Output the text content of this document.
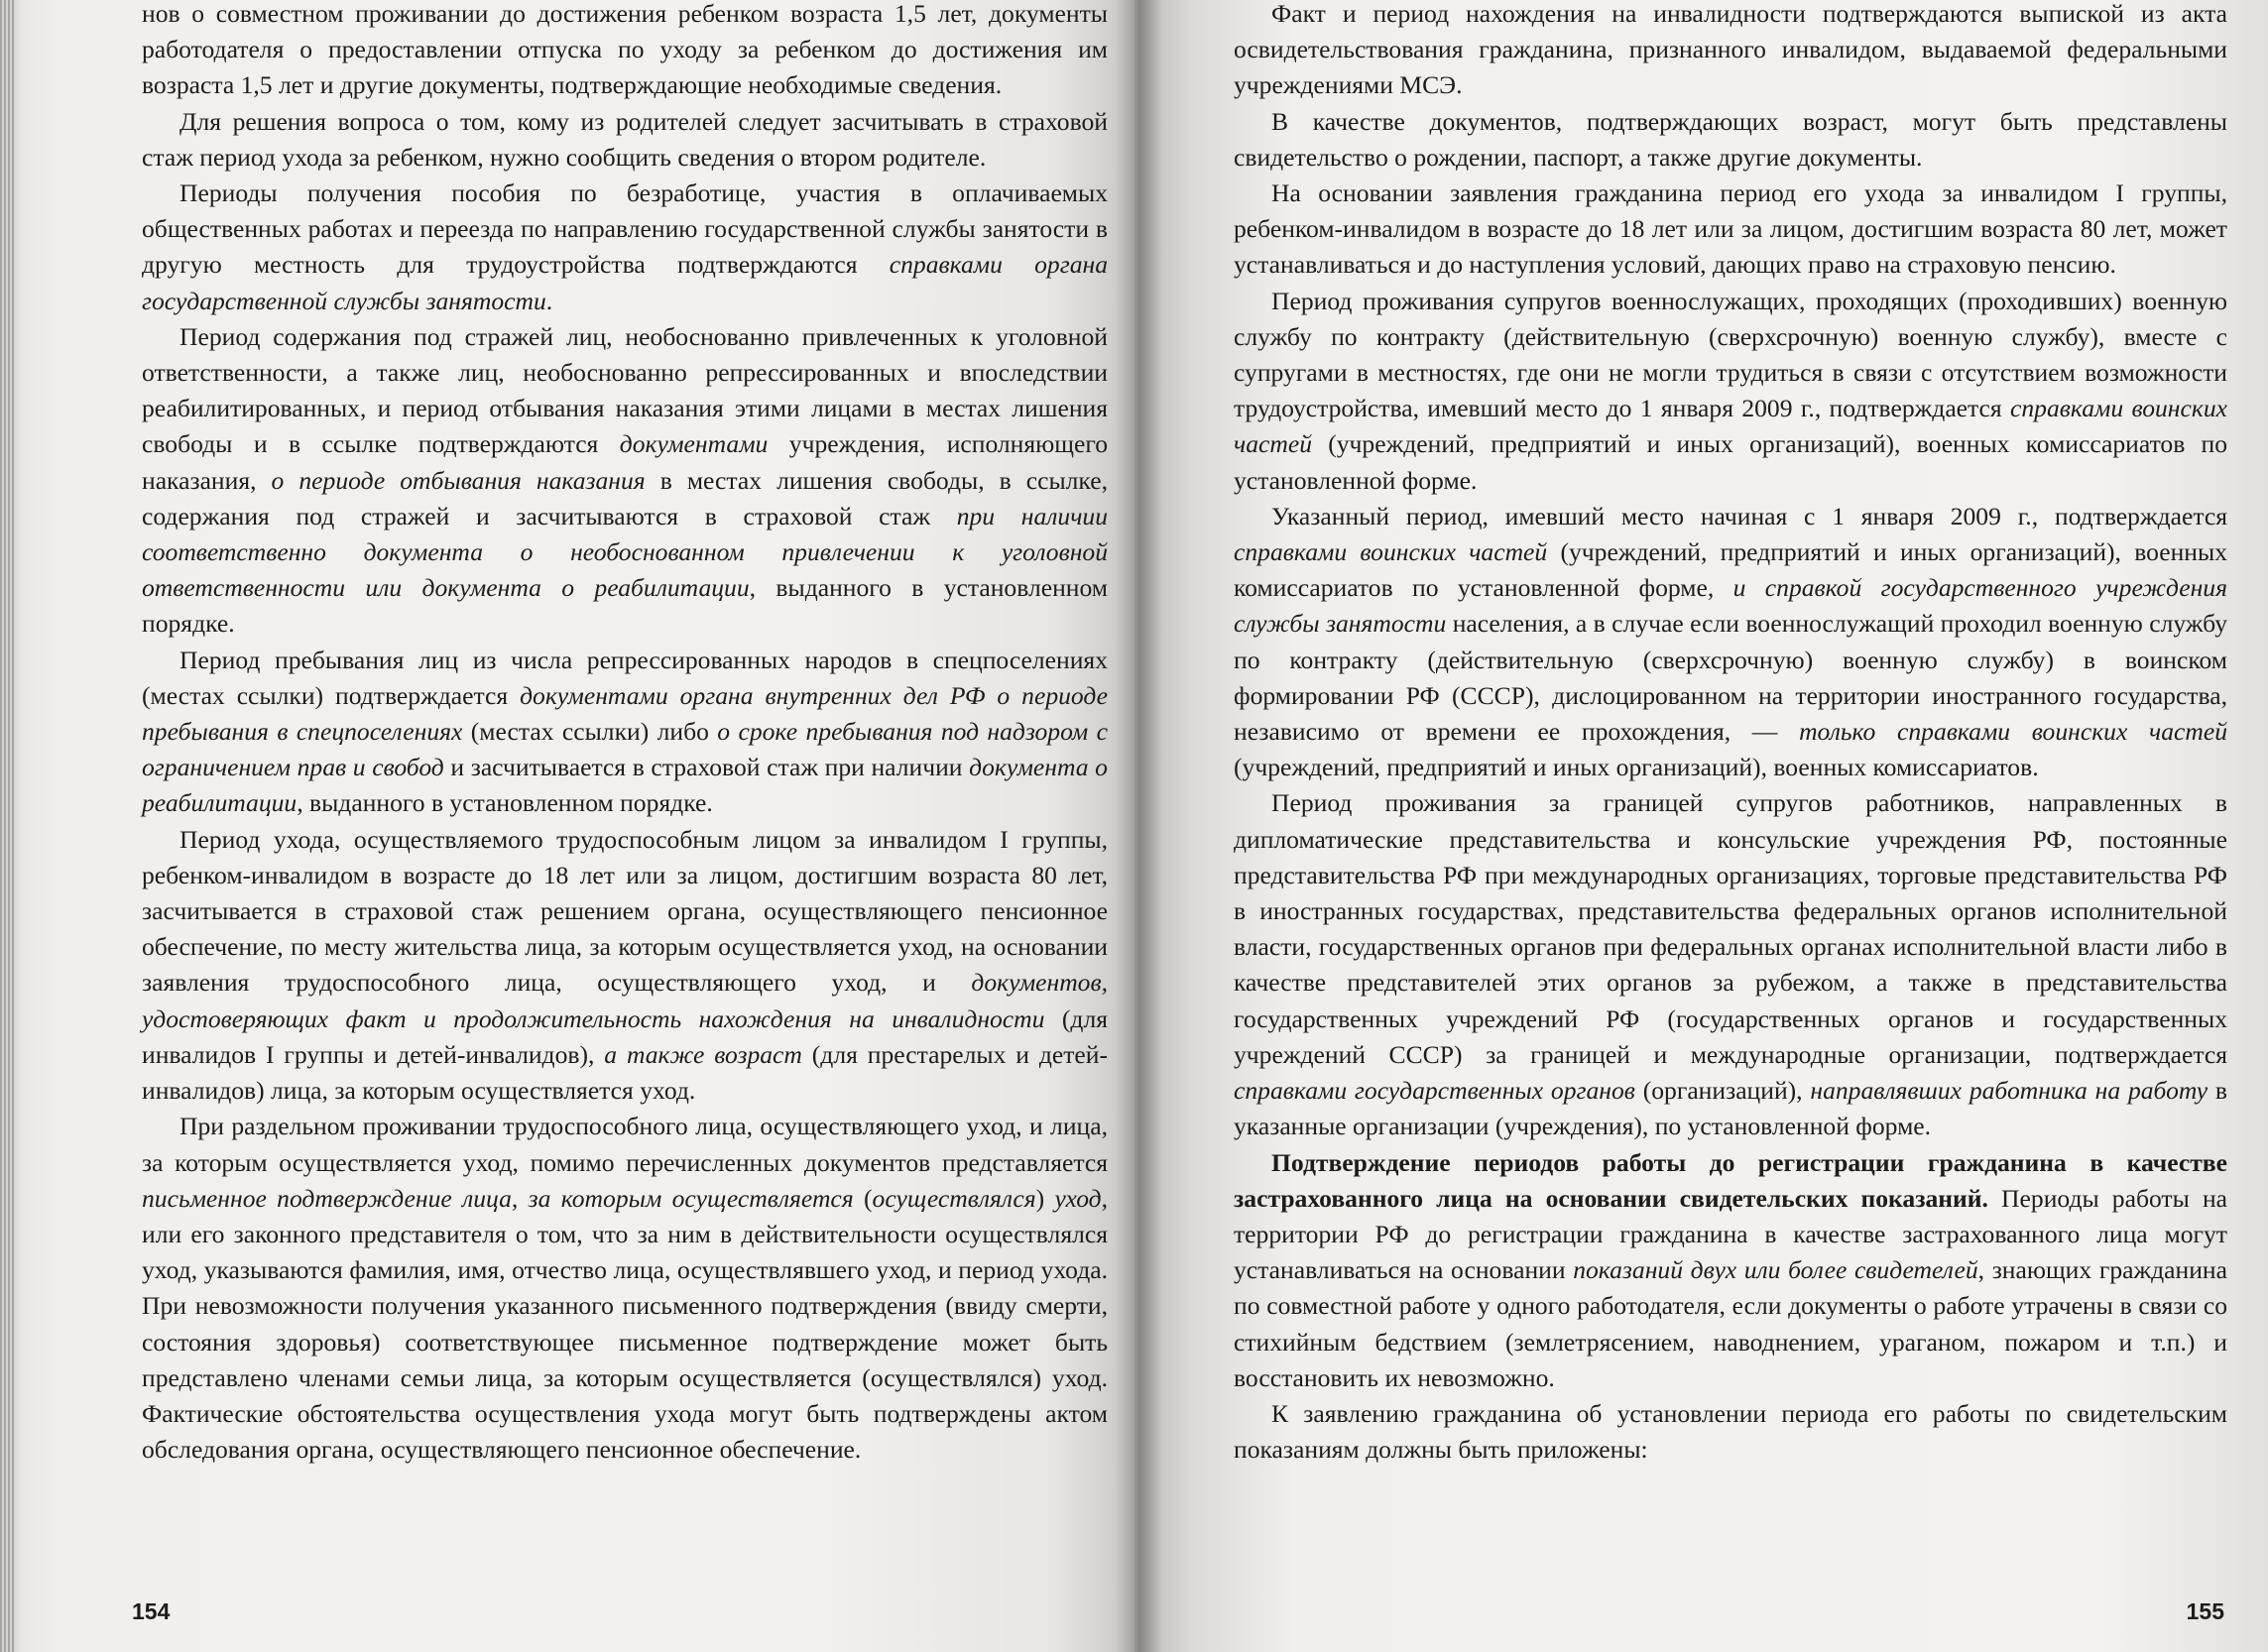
нов о совместном проживании до достижения ребенком возраста 1,5 лет, документы работодателя о предоставлении отпуска по уходу за ребенком до достижения им возраста 1,5 лет и другие документы, подтверждающие необходимые сведения.

Для решения вопроса о том, кому из родителей следует засчитывать в страховой стаж период ухода за ребенком, нужно сообщить сведения о втором родителе.

Периоды получения пособия по безработице, участия в оплачиваемых общественных работах и переезда по направлению государственной службы занятости в другую местность для трудоустройства подтверждаются справками органа государственной службы занятости.

Период содержания под стражей лиц, необоснованно привлеченных к уголовной ответственности, а также лиц, необоснованно репрессированных и впоследствии реабилитированных, и период отбывания наказания этими лицами в местах лишения свободы и в ссылке подтверждаются документами учреждения, исполняющего наказания, о периоде отбывания наказания в местах лишения свободы, в ссылке, содержания под стражей и засчитываются в страховой стаж при наличии соответственно документа о необоснованном привлечении к уголовной ответственности или документа о реабилитации, выданного в установленном порядке.

Период пребывания лиц из числа репрессированных народов в спецпоселениях (местах ссылки) подтверждается документами органа внутренних дел РФ о периоде пребывания в спецпоселениях (местах ссылки) либо о сроке пребывания под надзором с ограничением прав и свобод и засчитывается в страховой стаж при наличии документа о реабилитации, выданного в установленном порядке.

Период ухода, осуществляемого трудоспособным лицом за инвалидом I группы, ребенком-инвалидом в возрасте до 18 лет или за лицом, достигшим возраста 80 лет, засчитывается в страховой стаж решением органа, осуществляющего пенсионное обеспечение, по месту жительства лица, за которым осуществляется уход, на основании заявления трудоспособного лица, осуществляющего уход, и документов, удостоверяющих факт и продолжительность нахождения на инвалидности (для инвалидов I группы и детей-инвалидов), а также возраст (для престарелых и детей-инвалидов) лица, за которым осуществляется уход.

При раздельном проживании трудоспособного лица, осуществляющего уход, и лица, за которым осуществляется уход, помимо перечисленных документов представляется письменное подтверждение лица, за которым осуществляется (осуществлялся) уход, или его законного представителя о том, что за ним в действительности осуществлялся уход, указываются фамилия, имя, отчество лица, осуществлявшего уход, и период ухода. При невозможности получения указанного письменного подтверждения (ввиду смерти, состояния здоровья) соответствующее письменное подтверждение может быть представлено членами семьи лица, за которым осуществляется (осуществлялся) уход. Фактические обстоятельства осуществления ухода могут быть подтверждены актом обследования органа, осуществляющего пенсионное обеспечение.

154

Факт и период нахождения на инвалидности подтверждаются выпиской из акта освидетельствования гражданина, признанного инвалидом, выдаваемой федеральными учреждениями МСЭ.

В качестве документов, подтверждающих возраст, могут быть представлены свидетельство о рождении, паспорт, а также другие документы.

На основании заявления гражданина период его ухода за инвалидом I группы, ребенком-инвалидом в возрасте до 18 лет или за лицом, достигшим возраста 80 лет, может устанавливаться и до наступления условий, дающих право на страховую пенсию.

Период проживания супругов военнослужащих, проходящих (проходивших) военную службу по контракту (действительную (сверхсрочную) военную службу), вместе с супругами в местностях, где они не могли трудиться в связи с отсутствием возможности трудоустройства, имевший место до 1 января 2009 г., подтверждается справками воинских частей (учреждений, предприятий и иных организаций), военных комиссариатов по установленной форме.

Указанный период, имевший место начиная с 1 января 2009 г., подтверждается справками воинских частей (учреждений, предприятий и иных организаций), военных комиссариатов по установленной форме, и справкой государственного учреждения службы занятости населения, а в случае если военнослужащий проходил военную службу по контракту (действительную (сверхсрочную) военную службу) в воинском формировании РФ (СССР), дислоцированном на территории иностранного государства, независимо от времени ее прохождения, — только справками воинских частей (учреждений, предприятий и иных организаций), военных комиссариатов.

Период проживания за границей супругов работников, направленных в дипломатические представительства и консульские учреждения РФ, постоянные представительства РФ при международных организациях, торговые представительства РФ в иностранных государствах, представительства федеральных органов исполнительной власти, государственных органов при федеральных органах исполнительной власти либо в качестве представителей этих органов за рубежом, а также в представительства государственных учреждений РФ (государственных органов и государственных учреждений СССР) за границей и международные организации, подтверждается справками государственных органов (организаций), направлявших работника на работу в указанные организации (учреждения), по установленной форме.

Подтверждение периодов работы до регистрации гражданина в качестве застрахованного лица на основании свидетельских показаний. Периоды работы на территории РФ до регистрации гражданина в качестве застрахованного лица могут устанавливаться на основании показаний двух или более свидетелей, знающих гражданина по совместной работе у одного работодателя, если документы о работе утрачены в связи со стихийным бедствием (землетрясением, наводнением, ураганом, пожаром и т.п.) и восстановить их невозможно.

К заявлению гражданина об установлении периода его работы по свидетельским показаниям должны быть приложены:

155
